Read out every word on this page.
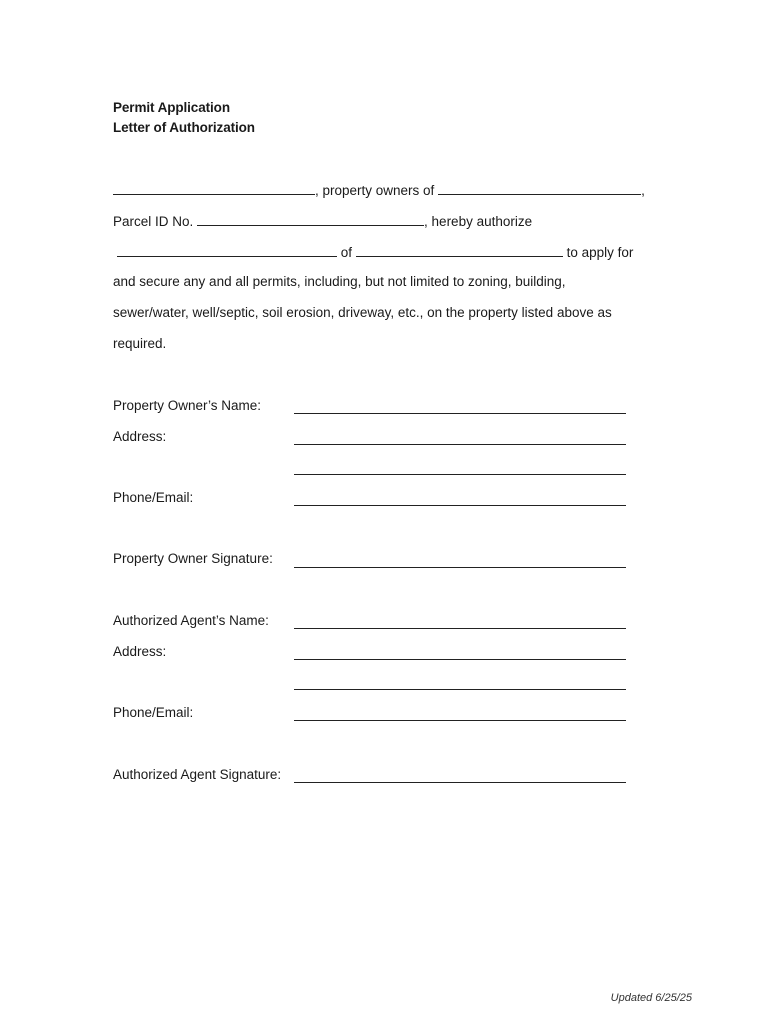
Permit Application
Letter of Authorization
, property owners of	,
Parcel ID No.	, hereby authorize
of	to apply for
and secure any and all permits, including, but not limited to zoning, building,
sewer/water, well/septic, soil erosion, driveway, etc., on the property listed above as
required.
Property Owner’s Name:
Address:
Phone/Email:
Property Owner Signature:
Authorized Agent’s Name:
Address:
Phone/Email:
Authorized Agent Signature:
Updated 6/25/25
